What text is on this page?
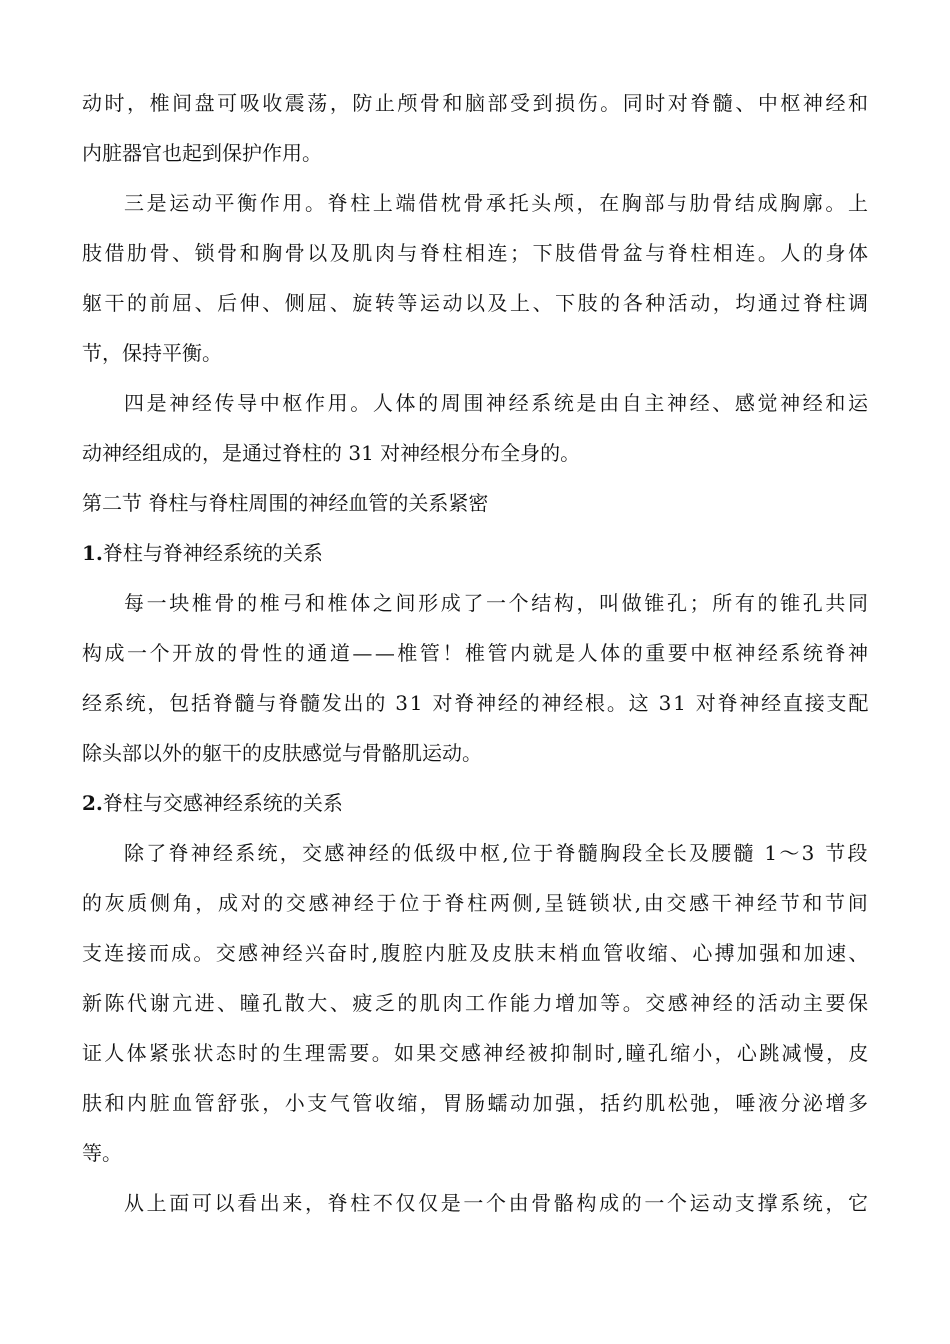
动时，椎间盘可吸收震荡，防止颅骨和脑部受到损伤。同时对脊髓、中枢神经和
内脏器官也起到保护作用。
三是运动平衡作用。脊柱上端借枕骨承托头颅，在胸部与肋骨结成胸廓。上
肢借肋骨、锁骨和胸骨以及肌肉与脊柱相连；下肢借骨盆与脊柱相连。人的身体
躯干的前屈、后伸、侧屈、旋转等运动以及上、下肢的各种活动，均通过脊柱调
节，保持平衡。
四是神经传导中枢作用。人体的周围神经系统是由自主神经、感觉神经和运
动神经组成的，是通过脊柱的 31 对神经根分布全身的。
第二节 脊柱与脊柱周围的神经血管的关系紧密
1.脊柱与脊神经系统的关系
每一块椎骨的椎弓和椎体之间形成了一个结构，叫做锥孔；所有的锥孔共同
构成一个开放的骨性的通道——椎管！椎管内就是人体的重要中枢神经系统脊神
经系统，包括脊髓与脊髓发出的 31 对脊神经的神经根。这 31 对脊神经直接支配
除头部以外的躯干的皮肤感觉与骨骼肌运动。
2.脊柱与交感神经系统的关系
除了脊神经系统，交感神经的低级中枢,位于脊髓胸段全长及腰髓 1～3 节段
的灰质侧角，成对的交感神经于位于脊柱两侧,呈链锁状,由交感干神经节和节间
支连接而成。交感神经兴奋时,腹腔内脏及皮肤末梢血管收缩、心搏加强和加速、
新陈代谢亢进、瞳孔散大、疲乏的肌肉工作能力增加等。交感神经的活动主要保
证人体紧张状态时的生理需要。如果交感神经被抑制时,瞳孔缩小，心跳减慢，皮
肤和内脏血管舒张，小支气管收缩，胃肠蠕动加强，括约肌松弛，唾液分泌增多
等。
从上面可以看出来，脊柱不仅仅是一个由骨骼构成的一个运动支撑系统，它
